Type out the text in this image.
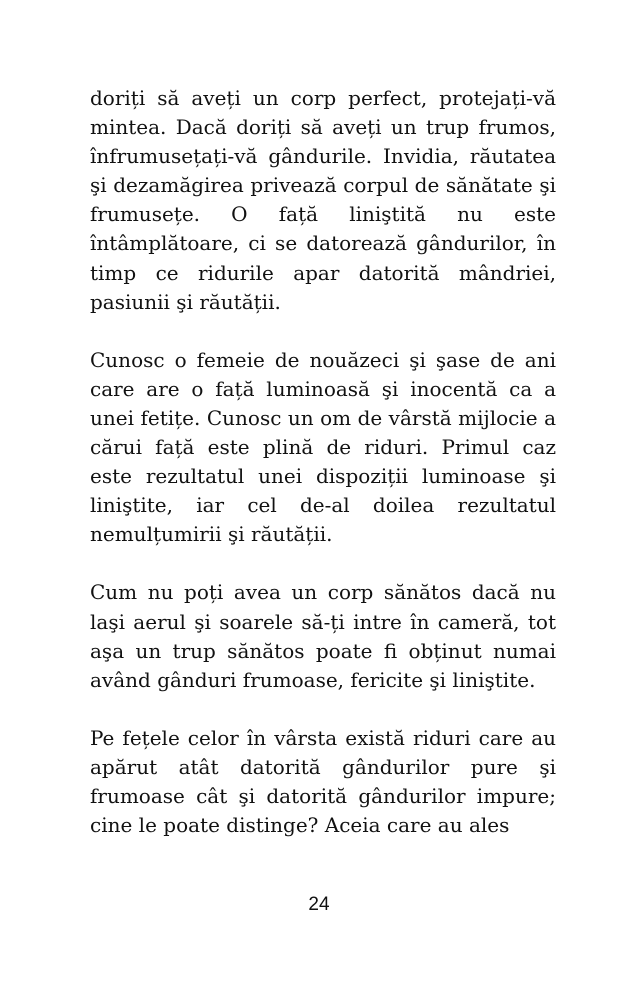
doriți să aveți un corp perfect, protejați-vă mintea. Dacă doriți să aveți un trup frumos, înfrumusețați-vă gândurile. Invidia, răutatea şi dezamăgirea privează corpul de sănătate şi frumusețe. O față liniştită nu este întâmplătoare, ci se datorează gândurilor, în timp ce ridurile apar datorită mândriei, pasiunii şi răutății.

Cunosc o femeie de nouăzeci şi şase de ani care are o față luminoasă şi inocentă ca a unei fetițe. Cunosc un om de vârstă mijlocie a cărui față este plină de riduri. Primul caz este rezultatul unei dispoziții luminoase şi liniştite, iar cel de-al doilea rezultatul nemulțumirii şi răutății.

Cum nu poți avea un corp sănătos dacă nu laşi aerul şi soarele să-ți intre în cameră, tot aşa un trup sănătos poate fi obținut numai având gânduri frumoase, fericite şi liniştite.

Pe fețele celor în vârsta există riduri care au apărut atât datorită gândurilor pure şi frumoase cât şi datorită gândurilor impure; cine le poate distinge? Aceia care au ales

24
